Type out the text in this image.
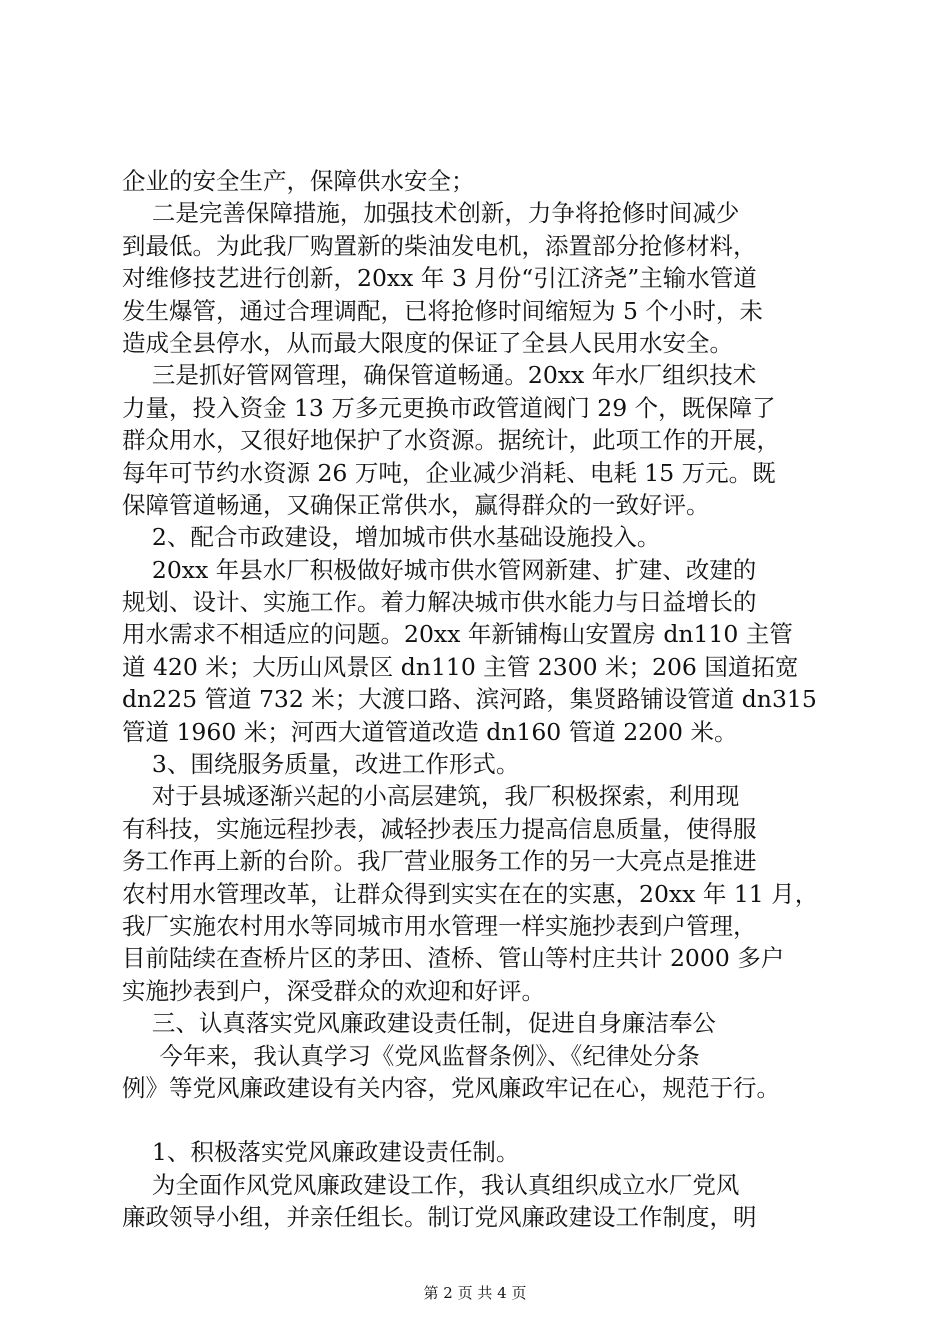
企业的安全生产，保障供水安全；
二是完善保障措施，加强技术创新，力争将抢修时间减少
到最低。为此我厂购置新的柴油发电机，添置部分抢修材料，
对维修技艺进行创新，20xx 年 3 月份“引江济尧”主输水管道
发生爆管，通过合理调配，已将抢修时间缩短为 5 个小时，未
造成全县停水，从而最大限度的保证了全县人民用水安全。
三是抓好管网管理，确保管道畅通。20xx 年水厂组织技术
力量，投入资金 13 万多元更换市政管道阀门 29 个，既保障了
群众用水，又很好地保护了水资源。据统计，此项工作的开展，
每年可节约水资源 26 万吨，企业减少消耗、电耗 15 万元。既
保障管道畅通，又确保正常供水，赢得群众的一致好评。
2、配合市政建设，增加城市供水基础设施投入。
20xx 年县水厂积极做好城市供水管网新建、扩建、改建的
规划、设计、实施工作。着力解决城市供水能力与日益增长的
用水需求不相适应的问题。20xx 年新铺梅山安置房 dn110 主管
道 420 米；大历山风景区 dn110 主管 2300 米；206 国道拓宽
dn225 管道 732 米；大渡口路、滨河路，集贤路铺设管道 dn315
管道 1960 米；河西大道管道改造 dn160 管道 2200 米。
3、围绕服务质量，改进工作形式。
对于县城逐渐兴起的小高层建筑，我厂积极探索，利用现
有科技，实施远程抄表，减轻抄表压力提高信息质量，使得服
务工作再上新的台阶。我厂营业服务工作的另一大亮点是推进
农村用水管理改革，让群众得到实实在在的实惠，20xx 年 11 月，
我厂实施农村用水等同城市用水管理一样实施抄表到户管理，
目前陆续在查桥片区的茅田、渣桥、管山等村庄共计 2000 多户
实施抄表到户，深受群众的欢迎和好评。
三、认真落实党风廉政建设责任制，促进自身廉洁奉公
今年来，我认真学习《党风监督条例》、《纪律处分条
例》等党风廉政建设有关内容，党风廉政牢记在心，规范于行。
1、积极落实党风廉政建设责任制。
为全面作风党风廉政建设工作，我认真组织成立水厂党风
廉政领导小组，并亲任组长。制订党风廉政建设工作制度，明
第 2 页 共 4 页
